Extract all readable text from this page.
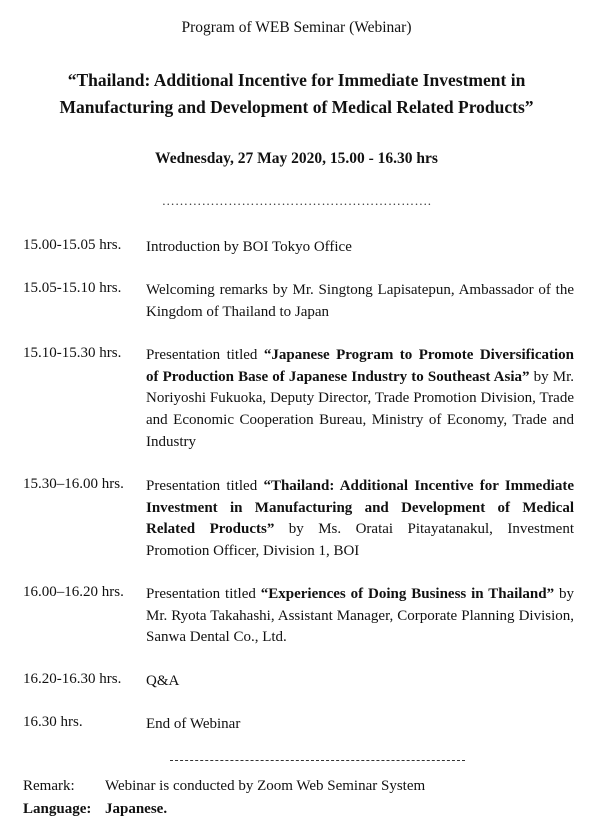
Program of WEB Seminar (Webinar)
“Thailand: Additional Incentive for Immediate Investment in
Manufacturing and Development of Medical Related Products”
Wednesday, 27 May 2020, 15.00 - 16.30 hrs
…………………………………………………….
15.00-15.05 hrs. Introduction by BOI Tokyo Office
15.05-15.10 hrs. Welcoming remarks by Mr. Singtong Lapisatepun, Ambassador of the Kingdom of Thailand to Japan
15.10-15.30 hrs. Presentation titled “Japanese Program to Promote Diversification of Production Base of Japanese Industry to Southeast Asia” by Mr. Noriyoshi Fukuoka, Deputy Director, Trade Promotion Division, Trade and Economic Cooperation Bureau, Ministry of Economy, Trade and Industry
15.30–16.00 hrs. Presentation titled “Thailand: Additional Incentive for Immediate Investment in Manufacturing and Development of Medical Related Products” by Ms. Oratai Pitayatanakul, Investment Promotion Officer, Division 1, BOI
16.00–16.20 hrs. Presentation titled “Experiences of Doing Business in Thailand” by Mr. Ryota Takahashi, Assistant Manager, Corporate Planning Division, Sanwa Dental Co., Ltd.
16.20-16.30 hrs. Q&A
16.30 hrs.	End of Webinar
Remark: Webinar is conducted by Zoom Web Seminar System
Language: Japanese.
